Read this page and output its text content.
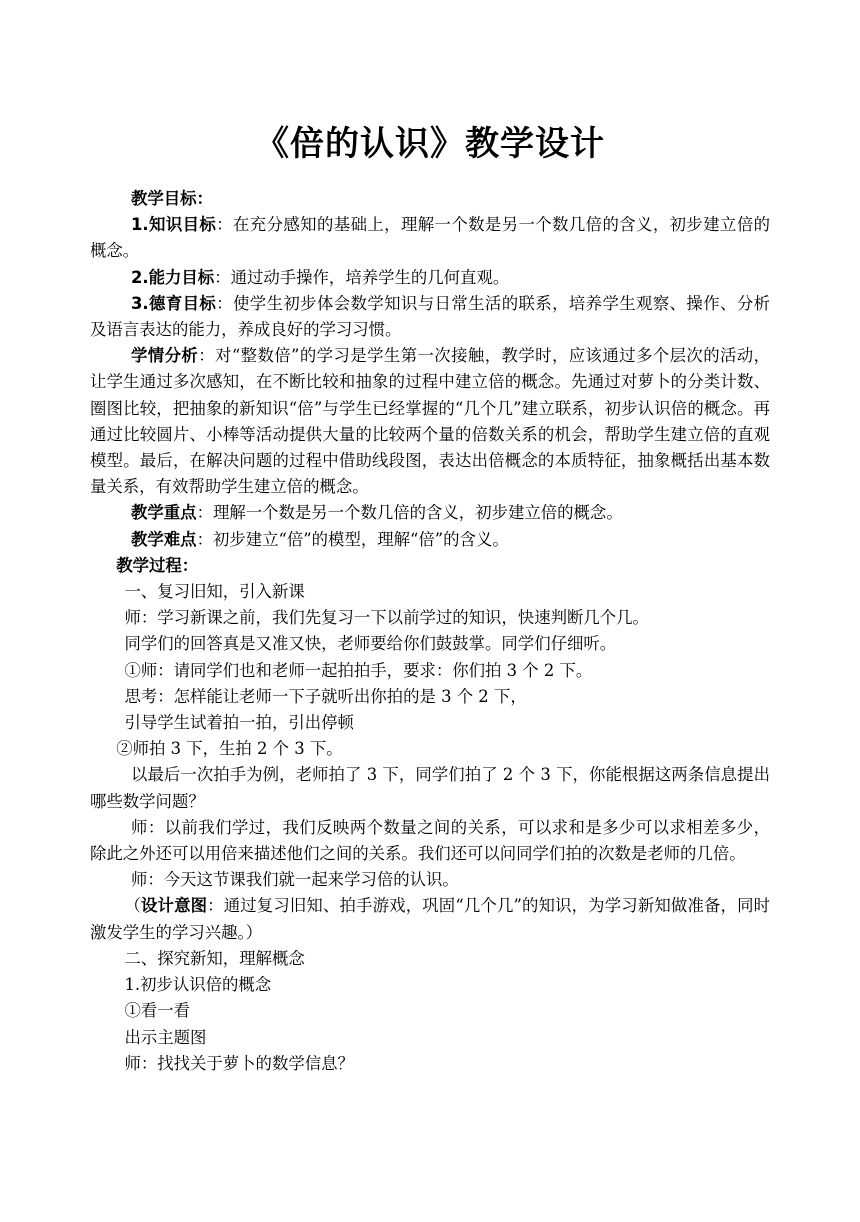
《倍的认识》教学设计

教学目标：

1.知识目标：在充分感知的基础上，理解一个数是另一个数几倍的含义，初步建立倍的概念。

2.能力目标：通过动手操作，培养学生的几何直观。

3.德育目标：使学生初步体会数学知识与日常生活的联系，培养学生观察、操作、分析及语言表达的能力，养成良好的学习习惯。

学情分析：对“整数倍”的学习是学生第一次接触，教学时，应该通过多个层次的活动，让学生通过多次感知，在不断比较和抽象的过程中建立倍的概念。先通过对萝卜的分类计数、圈图比较，把抽象的新知识“倍”与学生已经掌握的“几个几”建立联系，初步认识倍的概念。再通过比较圆片、小棒等活动提供大量的比较两个量的倍数关系的机会，帮助学生建立倍的直观模型。最后，在解决问题的过程中借助线段图，表达出倍概念的本质特征，抽象概括出基本数量关系，有效帮助学生建立倍的概念。

教学重点：理解一个数是另一个数几倍的含义，初步建立倍的概念。

教学难点：初步建立“倍”的模型，理解“倍”的含义。

教学过程：

一、复习旧知，引入新课

师：学习新课之前，我们先复习一下以前学过的知识，快速判断几个几。

同学们的回答真是又准又快，老师要给你们鼓鼓掌。同学们仔细听。

①师：请同学们也和老师一起拍拍手，要求：你们拍 3 个 2 下。

思考：怎样能让老师一下子就听出你拍的是 3 个 2 下，

引导学生试着拍一拍，引出停顿

②师拍 3 下，生拍 2 个 3 下。

以最后一次拍手为例，老师拍了 3 下，同学们拍了 2 个 3 下，你能根据这两条信息提出哪些数学问题？

师：以前我们学过，我们反映两个数量之间的关系，可以求和是多少可以求相差多少，除此之外还可以用倍来描述他们之间的关系。我们还可以问同学们拍的次数是老师的几倍。

师：今天这节课我们就一起来学习倍的认识。

（设计意图：通过复习旧知、拍手游戏，巩固“几个几”的知识，为学习新知做准备，同时激发学生的学习兴趣。）

二、探究新知，理解概念

1.初步认识倍的概念

①看一看

出示主题图

师：找找关于萝卜的数学信息？
